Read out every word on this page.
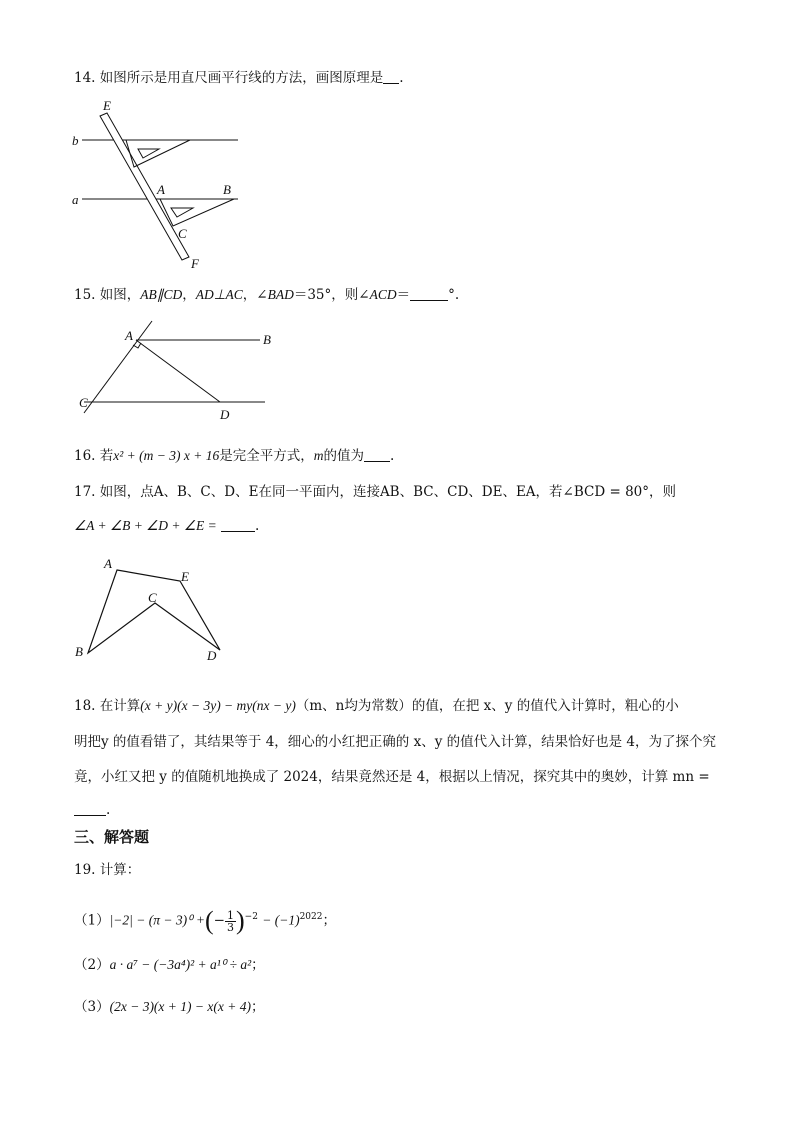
14. 如图所示是用直尺画平行线的方法，画图原理是 .
E
b
a
A	B
C
F
15. 如图，AB∥CD，AD⊥AC，∠BAD＝35°，则∠ACD＝	°.
A	B
C
D
16. 若x² + (m − 3) x + 16是完全平方式，m的值为 .
17. 如图，点A、B、C、D、E在同一平面内，连接AB、BC、CD、DE、EA，若∠BCD = 80°，则
∠A + ∠B + ∠D + ∠E =	.
A
E
C
B	D
18. 在计算(x + y)(x − 3y) − my(nx − y)（m、n均为常数）的值，在把 x、y 的值代入计算时，粗心的小
明把y 的值看错了，其结果等于 4，细心的小红把正确的 x、y 的值代入计算，结果恰好也是 4，为了探个究
竟，小红又把 y 的值随机地换成了 2024，结果竟然还是 4，根据以上情况，探究其中的奥妙，计算 mn =
.
三、解答题
19. 计算：
（1）|−2| − (π − 3)⁰ +(− $\frac{1}{3} )^{-2} - (-1)^{2022}$；
（2）a · a⁷ − (−3a⁴)² + a¹⁰ ÷ a²；
（3）(2x − 3)(x + 1) − x(x + 4)；
